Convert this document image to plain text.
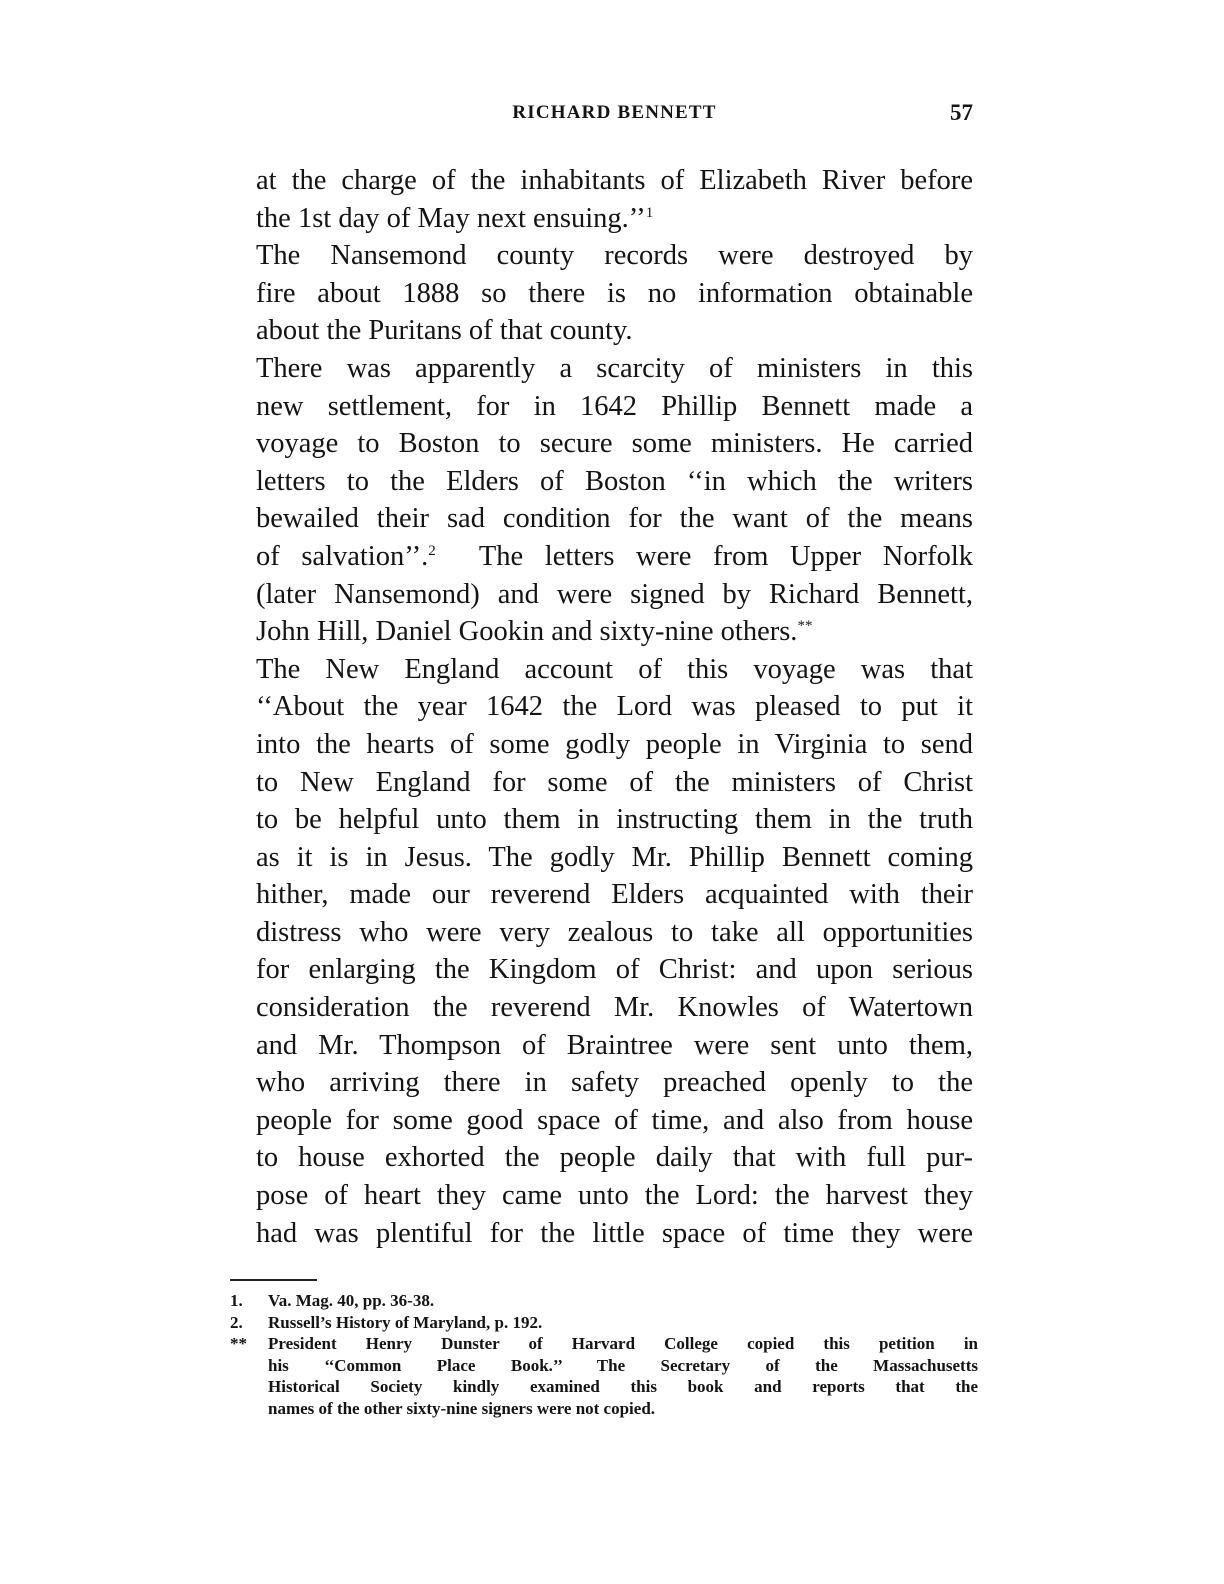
RICHARD BENNETT	57
at the charge of the inhabitants of Elizabeth River before
the 1st day of May next ensuing.’’$^1$
The Nansemond county records were destroyed by
fire about 1888 so there is no information obtainable
about the Puritans of that county.
There was apparently a scarcity of ministers in this
new settlement, for in 1642 Phillip Bennett made a
voyage to Boston to secure some ministers. He carried
letters to the Elders of Boston ‘‘in which the writers
bewailed their sad condition for the want of the means
of salvation’’.$^2$ The letters were from Upper Norfolk
(later Nansemond) and were signed by Richard Bennett,
John Hill, Daniel Gookin and sixty-nine others.**
The New England account of this voyage was that
‘‘About the year 1642 the Lord was pleased to put it
into the hearts of some godly people in Virginia to send
to New England for some of the ministers of Christ
to be helpful unto them in instructing them in the truth
as it is in Jesus. The godly Mr. Phillip Bennett coming
hither, made our reverend Elders acquainted with their
distress who were very zealous to take all opportunities
for enlarging the Kingdom of Christ: and upon serious
consideration the reverend Mr. Knowles of Watertown
and Mr. Thompson of Braintree were sent unto them,
who arriving there in safety preached openly to the
people for some good space of time, and also from house
to house exhorted the people daily that with full pur-
pose of heart they came unto the Lord: the harvest they
had was plentiful for the little space of time they were
1.	Va. Mag. 40, pp. 36-38.
2.	Russell’s History of Maryland, p. 192.
**	President Henry Dunster of Harvard College copied this petition in
his ‘‘Common Place Book.’’ The Secretary of the Massachusetts
Historical Society kindly examined this book and reports that the
names of the other sixty-nine signers were not copied.
